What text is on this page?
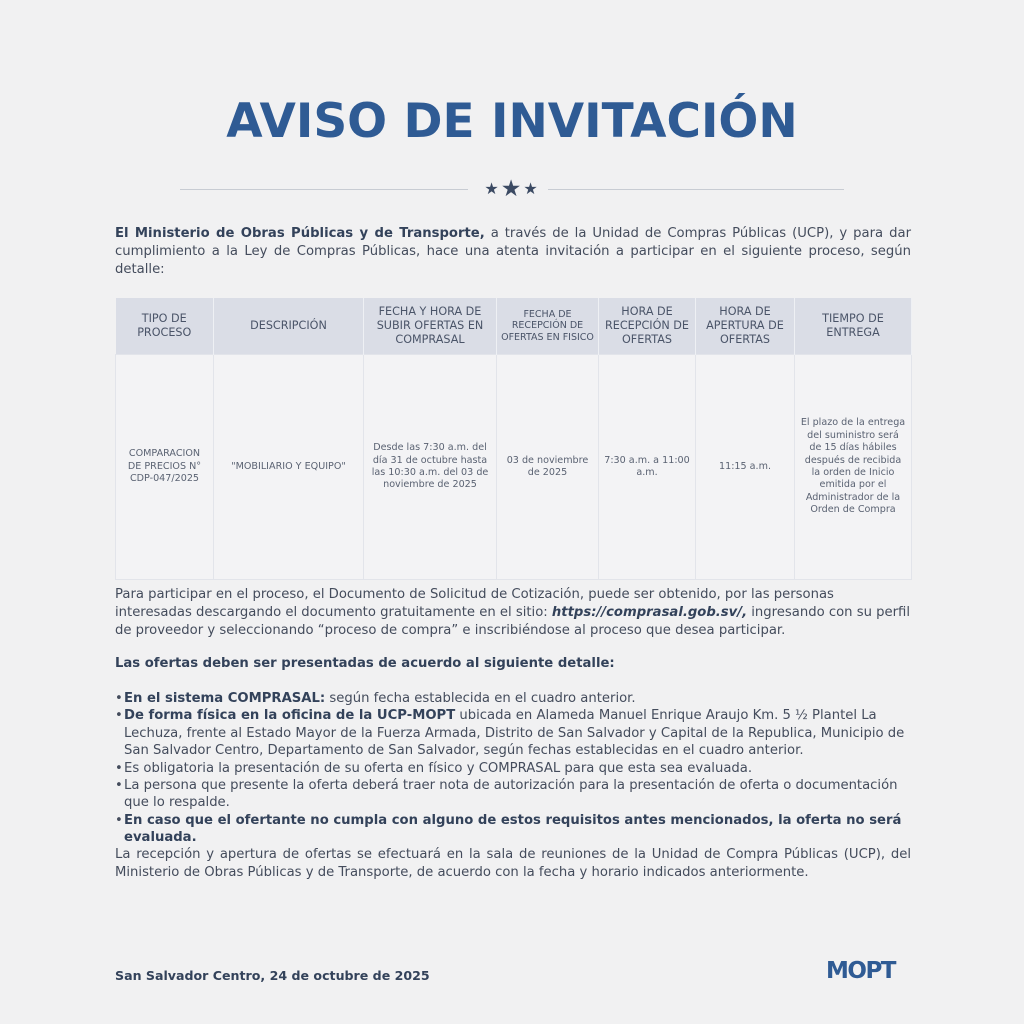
AVISO DE INVITACIÓN
★★ ★
El Ministerio de Obras Públicas y de Transporte, a través de la Unidad de Compras Públicas (UCP), y para dar cumplimiento a la Ley de Compras Públicas, hace una atenta invitación a participar en el siguiente proceso, según detalle:
TIPO DE PROCESO	DESCRIPCIÓN	FECHA Y HORA DE SUBIR OFERTAS EN COMPRASAL	FECHA DE RECEPCIÓN DE OFERTAS EN FISICO	HORA DE RECEPCIÓN DE OFERTAS	HORA DE APERTURA DE OFERTAS	TIEMPO DE ENTREGA
COMPARACION DE PRECIOS N° CDP-047/2025	"MOBILIARIO Y EQUIPO"	Desde las 7:30 a.m. del día 31 de octubre hasta las 10:30 a.m. del 03 de noviembre de 2025	03 de noviembre de 2025	7:30 a.m. a 11:00 a.m.	11:15 a.m.	El plazo de la entrega del suministro será de 15 días hábiles después de recibida la orden de Inicio emitida por el Administrador de la Orden de Compra
Para participar en el proceso, el Documento de Solicitud de Cotización, puede ser obtenido, por las personas interesadas descargando el documento gratuitamente en el sitio: https://comprasal.gob.sv/, ingresando con su perfil de proveedor y seleccionando “proceso de compra” e inscribiéndose al proceso que desea participar.
Las ofertas deben ser presentadas de acuerdo al siguiente detalle:
• En el sistema COMPRASAL: según fecha establecida en el cuadro anterior.
• De forma física en la oficina de la UCP-MOPT ubicada en Alameda Manuel Enrique Araujo Km. 5 ½ Plantel La Lechuza, frente al Estado Mayor de la Fuerza Armada, Distrito de San Salvador y Capital de la Republica, Municipio de San Salvador Centro, Departamento de San Salvador, según fechas establecidas en el cuadro anterior.
• Es obligatoria la presentación de su oferta en físico y COMPRASAL para que esta sea evaluada.
• La persona que presente la oferta deberá traer nota de autorización para la presentación de oferta o documentación que lo respalde.
• En caso que el ofertante no cumpla con alguno de estos requisitos antes mencionados, la oferta no será evaluada.
La recepción y apertura de ofertas se efectuará en la sala de reuniones de la Unidad de Compra Públicas (UCP), del Ministerio de Obras Públicas y de Transporte, de acuerdo con la fecha y horario indicados anteriormente.
San Salvador Centro, 24 de octubre de 2025	MOPT
